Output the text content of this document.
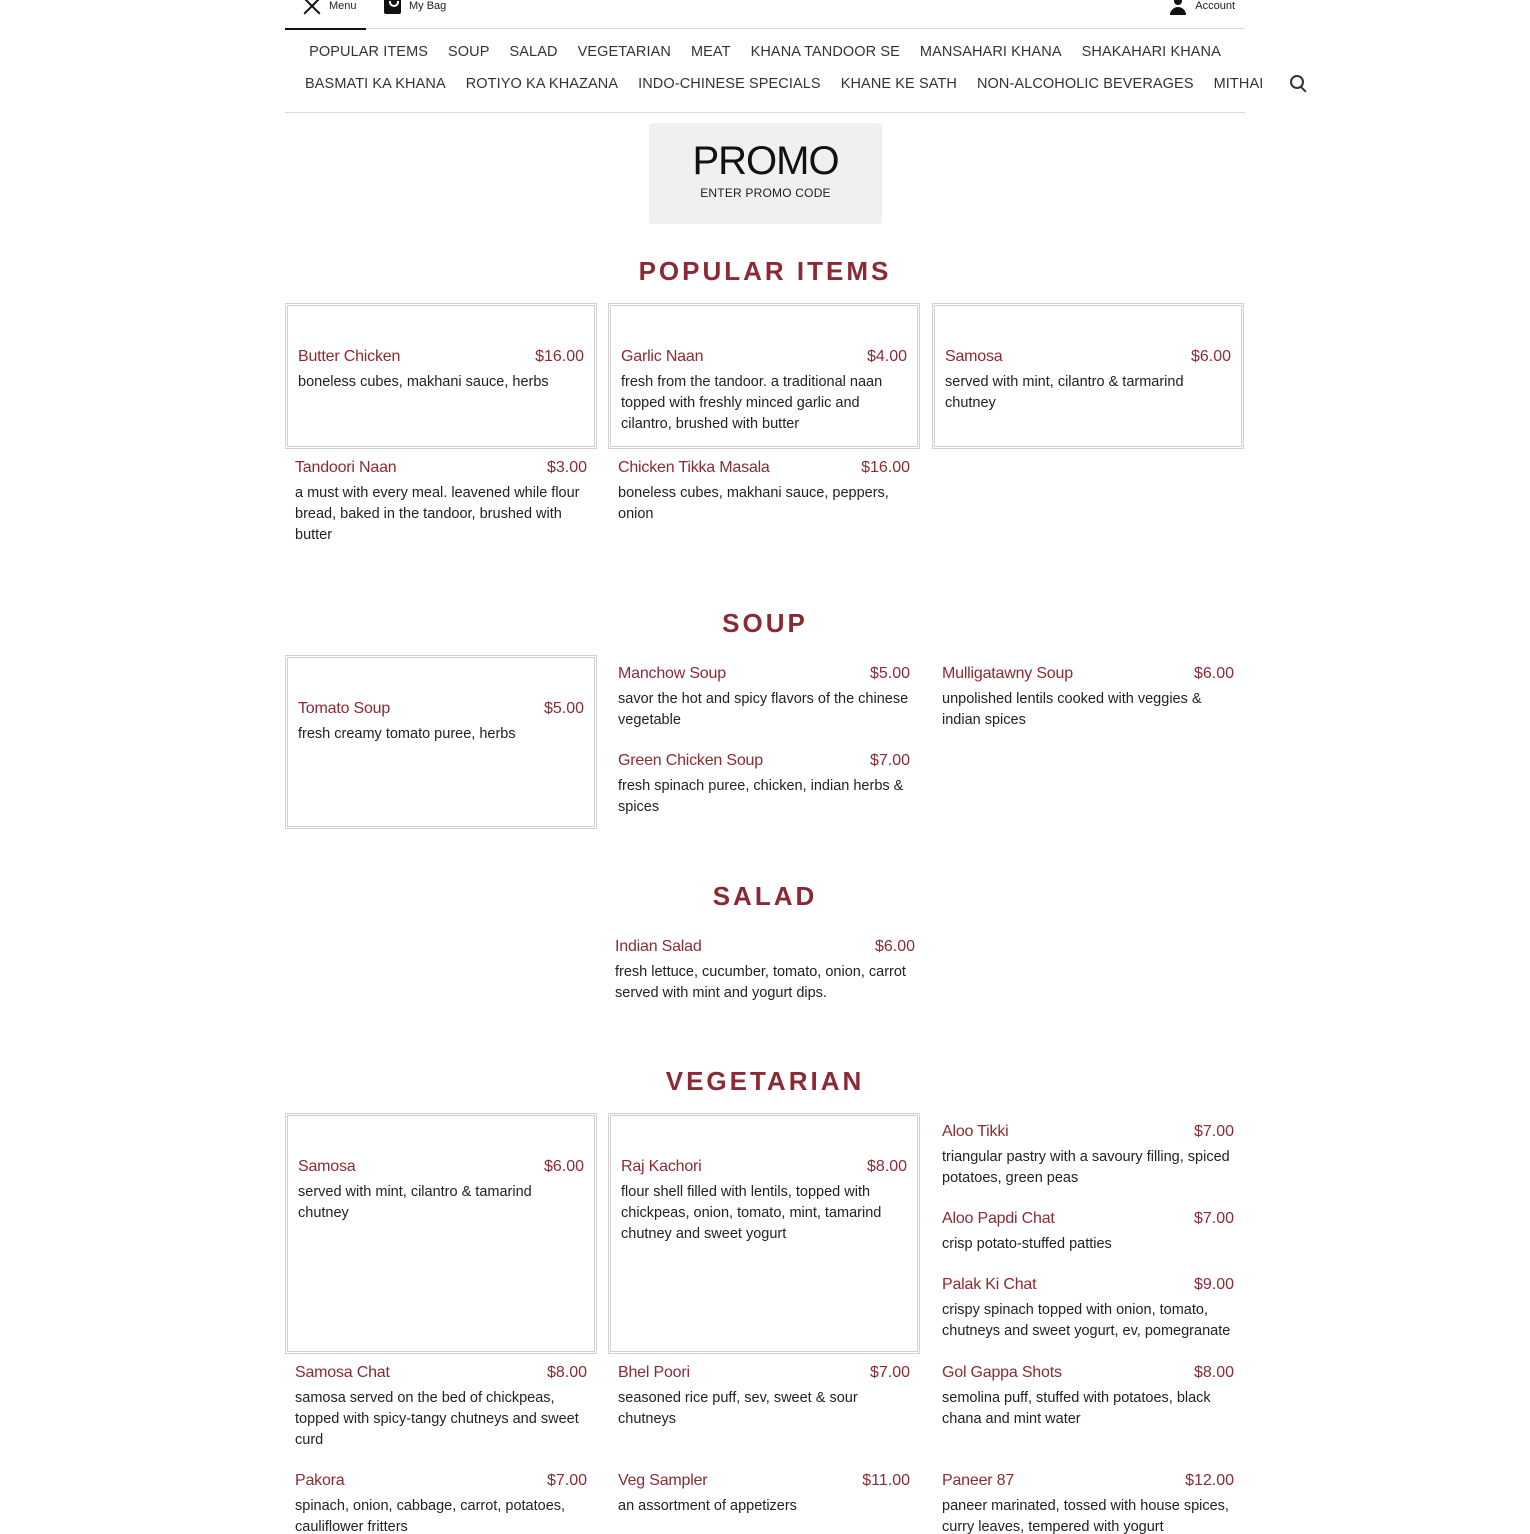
Menu	My Bag	Account
POPULAR ITEMS SOUP SALAD VEGETARIAN MEAT KHANA TANDOOR SE MANSAHARI KHANA SHAKAHARI KHANA
BASMATI KA KHANA ROTIYO KA KHAZANA INDO-CHINESE SPECIALS KHANE KE SATH NON-ALCOHOLIC BEVERAGES MITHAI
PROMO
ENTER PROMO CODE
POPULAR ITEMS
Butter Chicken	$16.00
boneless cubes, makhani sauce, herbs
Garlic Naan	$4.00
fresh from the tandoor. a traditional naan topped with freshly minced garlic and cilantro, brushed with butter
Samosa	$6.00
served with mint, cilantro & tarmarind chutney
Tandoori Naan	$3.00
a must with every meal. leavened while flour bread, baked in the tandoor, brushed with butter
Chicken Tikka Masala	$16.00
boneless cubes, makhani sauce, peppers, onion
SOUP
Tomato Soup	$5.00
fresh creamy tomato puree, herbs
Manchow Soup	$5.00
savor the hot and spicy flavors of the chinese vegetable
Mulligatawny Soup	$6.00
unpolished lentils cooked with veggies & indian spices
Green Chicken Soup	$7.00
fresh spinach puree, chicken, indian herbs & spices
SALAD
Indian Salad	$6.00
fresh lettuce, cucumber, tomato, onion, carrot served with mint and yogurt dips.
VEGETARIAN
Samosa	$6.00
served with mint, cilantro & tamarind chutney
Raj Kachori	$8.00
flour shell filled with lentils, topped with chickpeas, onion, tomato, mint, tamarind chutney and sweet yogurt
Aloo Tikki	$7.00
triangular pastry with a savoury filling, spiced potatoes, green peas
Aloo Papdi Chat	$7.00
crisp potato-stuffed patties
Palak Ki Chat	$9.00
crispy spinach topped with onion, tomato, chutneys and sweet yogurt, ev, pomegranate
Samosa Chat	$8.00
samosa served on the bed of chickpeas, topped with spicy-tangy chutneys and sweet curd
Bhel Poori	$7.00
seasoned rice puff, sev, sweet & sour chutneys
Gol Gappa Shots	$8.00
semolina puff, stuffed with potatoes, black chana and mint water
Pakora	$7.00
spinach, onion, cabbage, carrot, potatoes, cauliflower fritters
Veg Sampler	$11.00
an assortment of appetizers
Paneer 87	$12.00
paneer marinated, tossed with house spices, curry leaves, tempered with yogurt
